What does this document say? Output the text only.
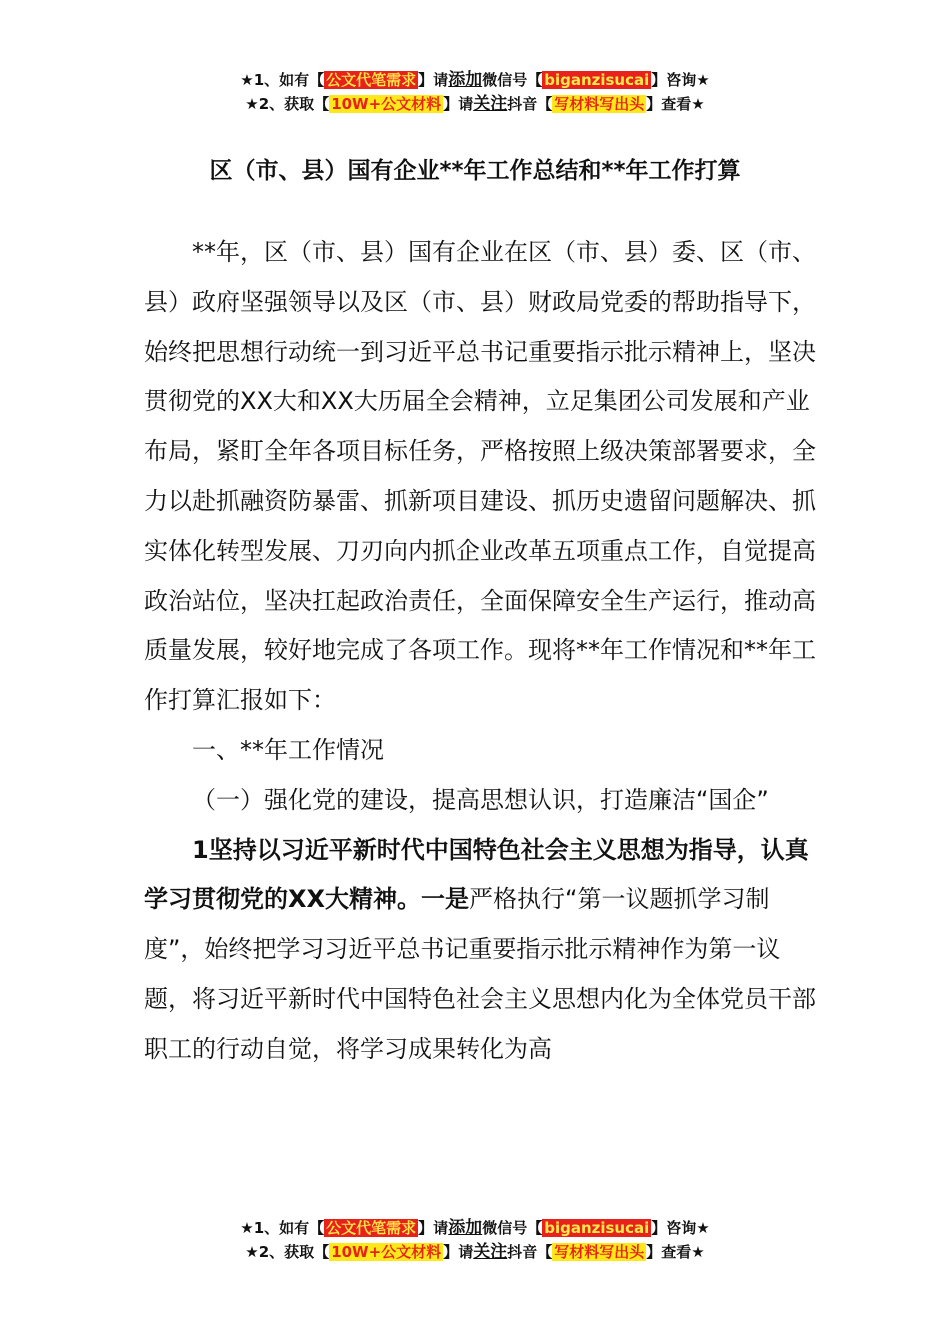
★1、如有【 公文代笔需求 】请添加微信号【 biganzisucai 】咨询★
★2、获取【 10W+公文材料 】请关注抖音【 写材料写出头 】查看★
区（市、县）国有企业**年工作总结和**年工作打算

**年，区（市、县）国有企业在区（市、县）委、区（市、县）政府坚强领导以及区（市、县）财政局党委的帮助指导下，始终把思想行动统一到习近平总书记重要指示批示精神上，坚决贯彻党的XX大和XX大历届全会精神，立足集团公司发展和产业布局，紧盯全年各项目标任务，严格按照上级决策部署要求，全力以赴抓融资防暴雷、抓新项目建设、抓历史遗留问题解决、抓实体化转型发展、刀刃向内抓企业改革五项重点工作，自觉提高政治站位，坚决扛起政治责任，全面保障安全生产运行，推动高质量发展，较好地完成了各项工作。现将**年工作情况和**年工作打算汇报如下：

一、**年工作情况

（一）强化党的建设，提高思想认识，打造廉洁“国企”

1坚持以习近平新时代中国特色社会主义思想为指导，认真学习贯彻党的XX大精神。一是严格执行“第一议题抓学习制度”，始终把学习习近平总书记重要指示批示精神作为第一议题，将习近平新时代中国特色社会主义思想内化为全体党员干部职工的行动自觉，将学习成果转化为高

★1、如有【 公文代笔需求 】请添加微信号【 biganzisucai 】咨询★
★2、获取【 10W+公文材料 】请关注抖音【 写材料写出头 】查看★
